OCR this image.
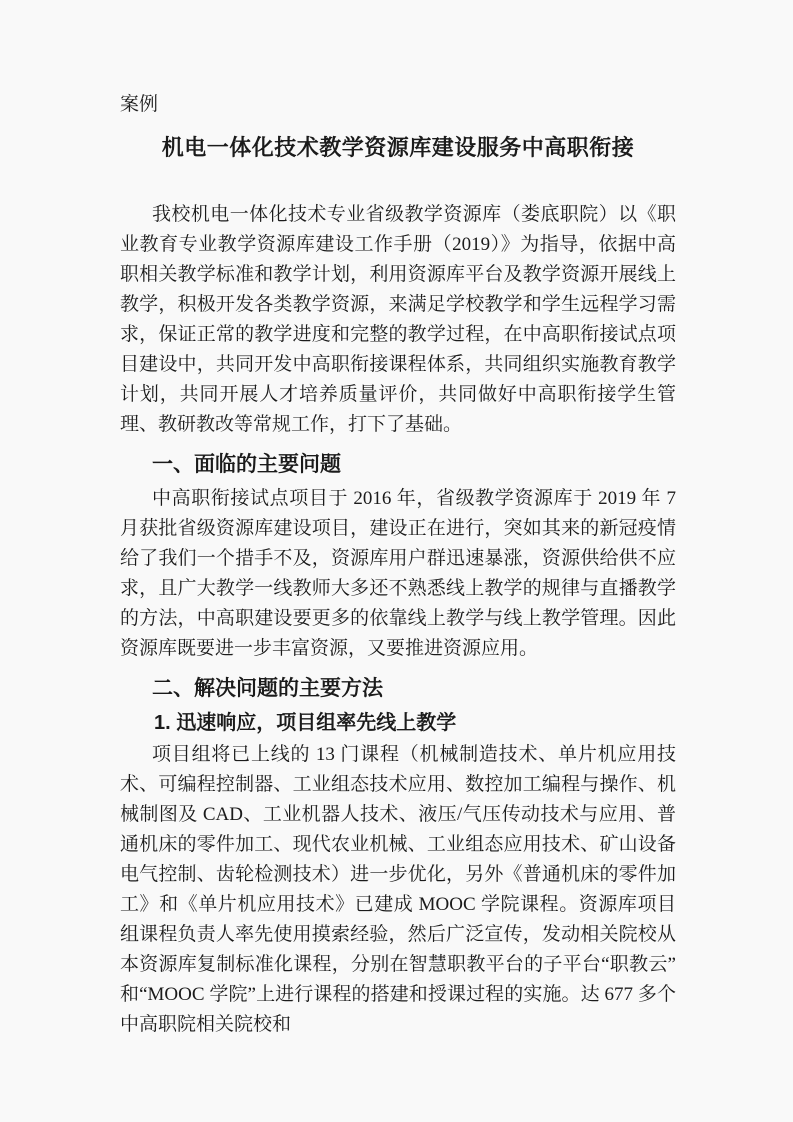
案例
机电一体化技术教学资源库建设服务中高职衔接

我校机电一体化技术专业省级教学资源库（娄底职院）以《职业教育专业教学资源库建设工作手册（2019）》为指导，依据中高职相关教学标准和教学计划，利用资源库平台及教学资源开展线上教学，积极开发各类教学资源，来满足学校教学和学生远程学习需求，保证正常的教学进度和完整的教学过程，在中高职衔接试点项目建设中，共同开发中高职衔接课程体系，共同组织实施教育教学计划，共同开展人才培养质量评价，共同做好中高职衔接学生管理、教研教改等常规工作，打下了基础。

一、面临的主要问题

中高职衔接试点项目于 2016 年，省级教学资源库于 2019 年 7 月获批省级资源库建设项目，建设正在进行，突如其来的新冠疫情给了我们一个措手不及，资源库用户群迅速暴涨，资源供给供不应求，且广大教学一线教师大多还不熟悉线上教学的规律与直播教学的方法，中高职建设要更多的依靠线上教学与线上教学管理。因此资源库既要进一步丰富资源，又要推进资源应用。

二、解决问题的主要方法
1. 迅速响应，项目组率先线上教学

项目组将已上线的 13 门课程（机械制造技术、单片机应用技术、可编程控制器、工业组态技术应用、数控加工编程与操作、机械制图及 CAD、工业机器人技术、液压/气压传动技术与应用、普通机床的零件加工、现代农业机械、工业组态应用技术、矿山设备电气控制、齿轮检测技术）进一步优化，另外《普通机床的零件加工》和《单片机应用技术》已建成 MOOC 学院课程。资源库项目组课程负责人率先使用摸索经验，然后广泛宣传，发动相关院校从本资源库复制标准化课程，分别在智慧职教平台的子平台“职教云”和“MOOC 学院”上进行课程的搭建和授课过程的实施。达 677 多个中高职院相关院校和
